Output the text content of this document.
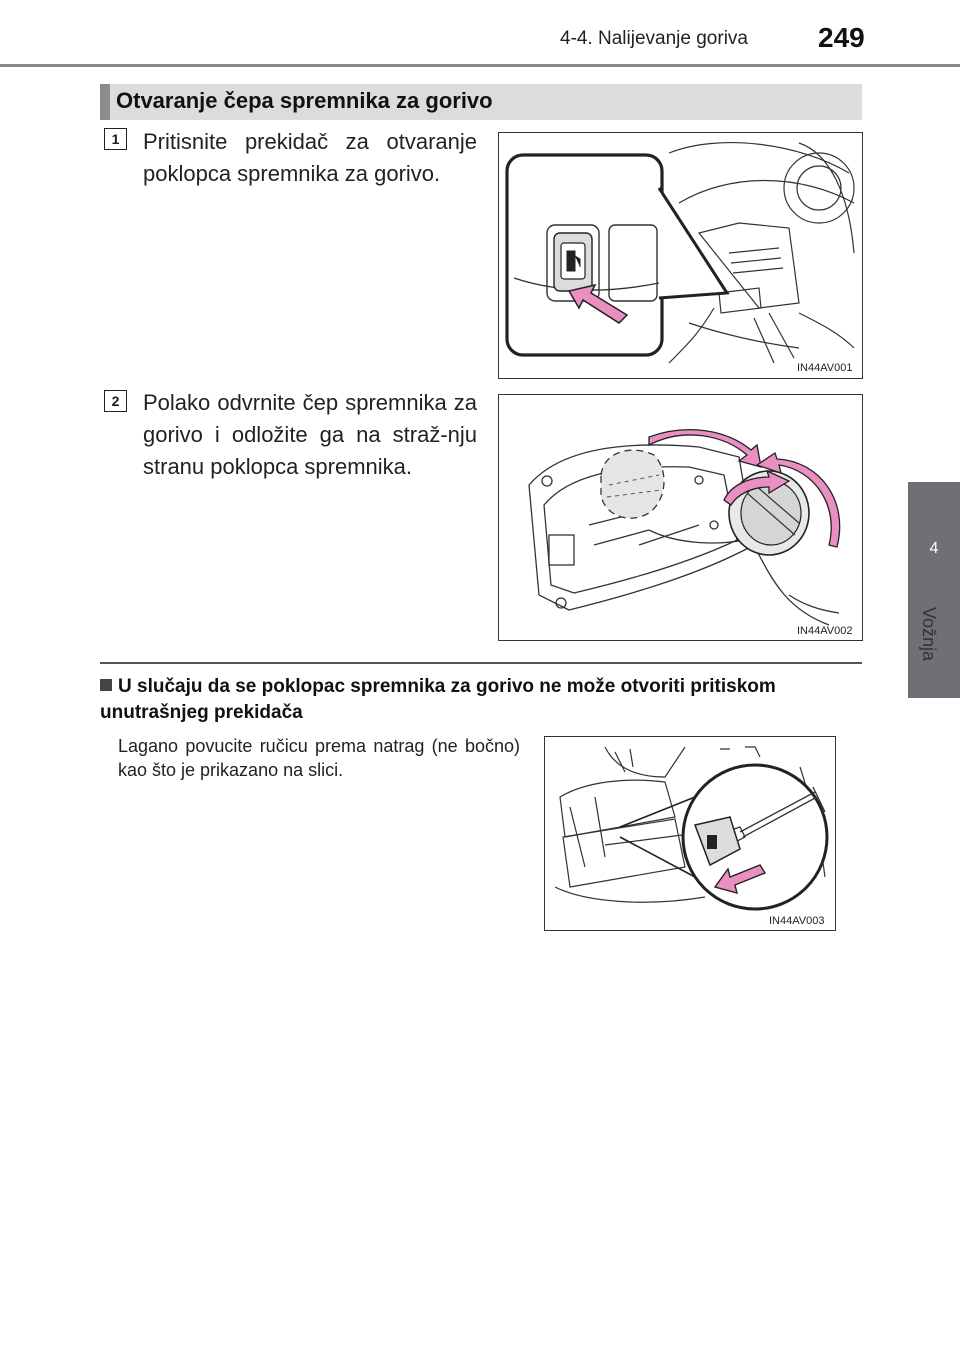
4-4. Nalijevanje goriva	249
4
Vožnja
Otvaranje čepa spremnika za gorivo
1	Pritisnite prekidač za otvaranje poklopca spremnika za gorivo.
IN44AV001
2	Polako odvrnite čep spremnika za gorivo i odložite ga na straž-nju stranu poklopca spremnika.
IN44AV002
U slučaju da se poklopac spremnika za gorivo ne može otvoriti pritiskom unutrašnjeg prekidača
Lagano povucite ručicu prema natrag (ne bočno) kao što je prikazano na slici.
IN44AV003
